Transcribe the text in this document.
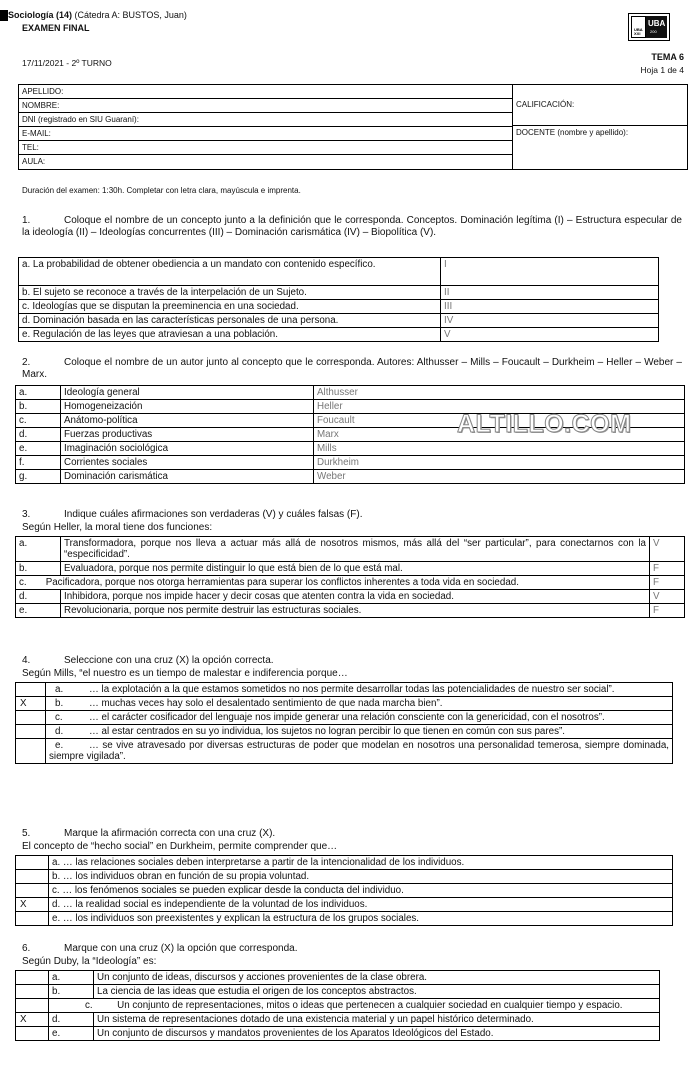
Sociología (14) (Cátedra A: BUSTOS, Juan)
EXAMEN FINAL
17/11/2021 - 2º TURNO
TEMA 6
Hoja 1 de 4
UBA XXI
UBA
200
APELLIDO:
NOMBRE:
DNI (registrado en SIU Guaraní):
E-MAIL:
TEL:
AULA:
CALIFICACIÓN:
DOCENTE (nombre y apellido):
Duración del examen: 1:30h. Completar con letra clara, mayúscula e imprenta.
1.	Coloque el nombre de un concepto junto a la definición que le corresponda. Conceptos. Dominación legítima (I) – Estructura especular de la ideología (II) – Ideologías concurrentes (III) – Dominación carismática (IV) – Biopolítica (V).
a. La probabilidad de obtener obediencia a un mandato con contenido específico.	I
b. El sujeto se reconoce a través de la interpelación de un Sujeto.	II
c. Ideologías que se disputan la preeminencia en una sociedad.	III
d. Dominación basada en las características personales de una persona.	IV
e. Regulación de las leyes que atraviesan a una población.	V
2.	Coloque el nombre de un autor junto al concepto que le corresponda. Autores: Althusser – Mills – Foucault – Durkheim – Heller – Weber – Marx.
a.	Ideología general	Althusser
b.	Homogeneización	Heller
c.	Anátomo-política	Foucault
d.	Fuerzas productivas	Marx
e.	Imaginación sociológica	Mills
f.	Corrientes sociales	Durkheim
g.	Dominación carismática	Weber
ALTILLO.COM
3.	Indique cuáles afirmaciones son verdaderas (V) y cuáles falsas (F).
Según Heller, la moral tiene dos funciones:
a.	Transformadora, porque nos lleva a actuar más allá de nosotros mismos, más allá del “ser particular”, para conectarnos con la “especificidad”.	V
b.	Evaluadora, porque nos permite distinguir lo que está bien de lo que está mal.	F
c. Pacificadora, porque nos otorga herramientas para superar los conflictos inherentes a toda vida en sociedad.		F
d.	Inhibidora, porque nos impide hacer y decir cosas que atenten contra la vida en sociedad.	V
e.	Revolucionaria, porque nos permite destruir las estructuras sociales.	F
4.	Seleccione con una cruz (X) la opción correcta.
Según Mills, “el nuestro es un tiempo de malestar e indiferencia porque…
	a. … la explotación a la que estamos sometidos no nos permite desarrollar todas las potencialidades de nuestro ser social”.
X	b. … muchas veces hay solo el desalentado sentimiento de que nada marcha bien”.
	c. … el carácter cosificador del lenguaje nos impide generar una relación consciente con la genericidad, con el nosotros”.
	d. … al estar centrados en su yo individua, los sujetos no logran percibir lo que tienen en común con sus pares”.
	e. … se vive atravesado por diversas estructuras de poder que modelan en nosotros una personalidad temerosa, siempre dominada, siempre vigilada”.
5.	Marque la afirmación correcta con una cruz (X).
El concepto de “hecho social” en Durkheim, permite comprender que…
	a. … las relaciones sociales deben interpretarse a partir de la intencionalidad de los individuos.
	b. … los individuos obran en función de su propia voluntad.
	c. … los fenómenos sociales se pueden explicar desde la conducta del individuo.
X	d. … la realidad social es independiente de la voluntad de los individuos.
	e. … los individuos son preexistentes y explican la estructura de los grupos sociales.
6.	Marque con una cruz (X) la opción que corresponda.
Según Duby, la “Ideología” es:
	a.	Un conjunto de ideas, discursos y acciones provenientes de la clase obrera.
	b.	La ciencia de las ideas que estudia el origen de los conceptos abstractos.
	c. Un conjunto de representaciones, mitos o ideas que pertenecen a cualquier sociedad en cualquier tiempo y espacio.	
X	d.	Un sistema de representaciones dotado de una existencia material y un papel histórico determinado.
	e.	Un conjunto de discursos y mandatos provenientes de los Aparatos Ideológicos del Estado.
